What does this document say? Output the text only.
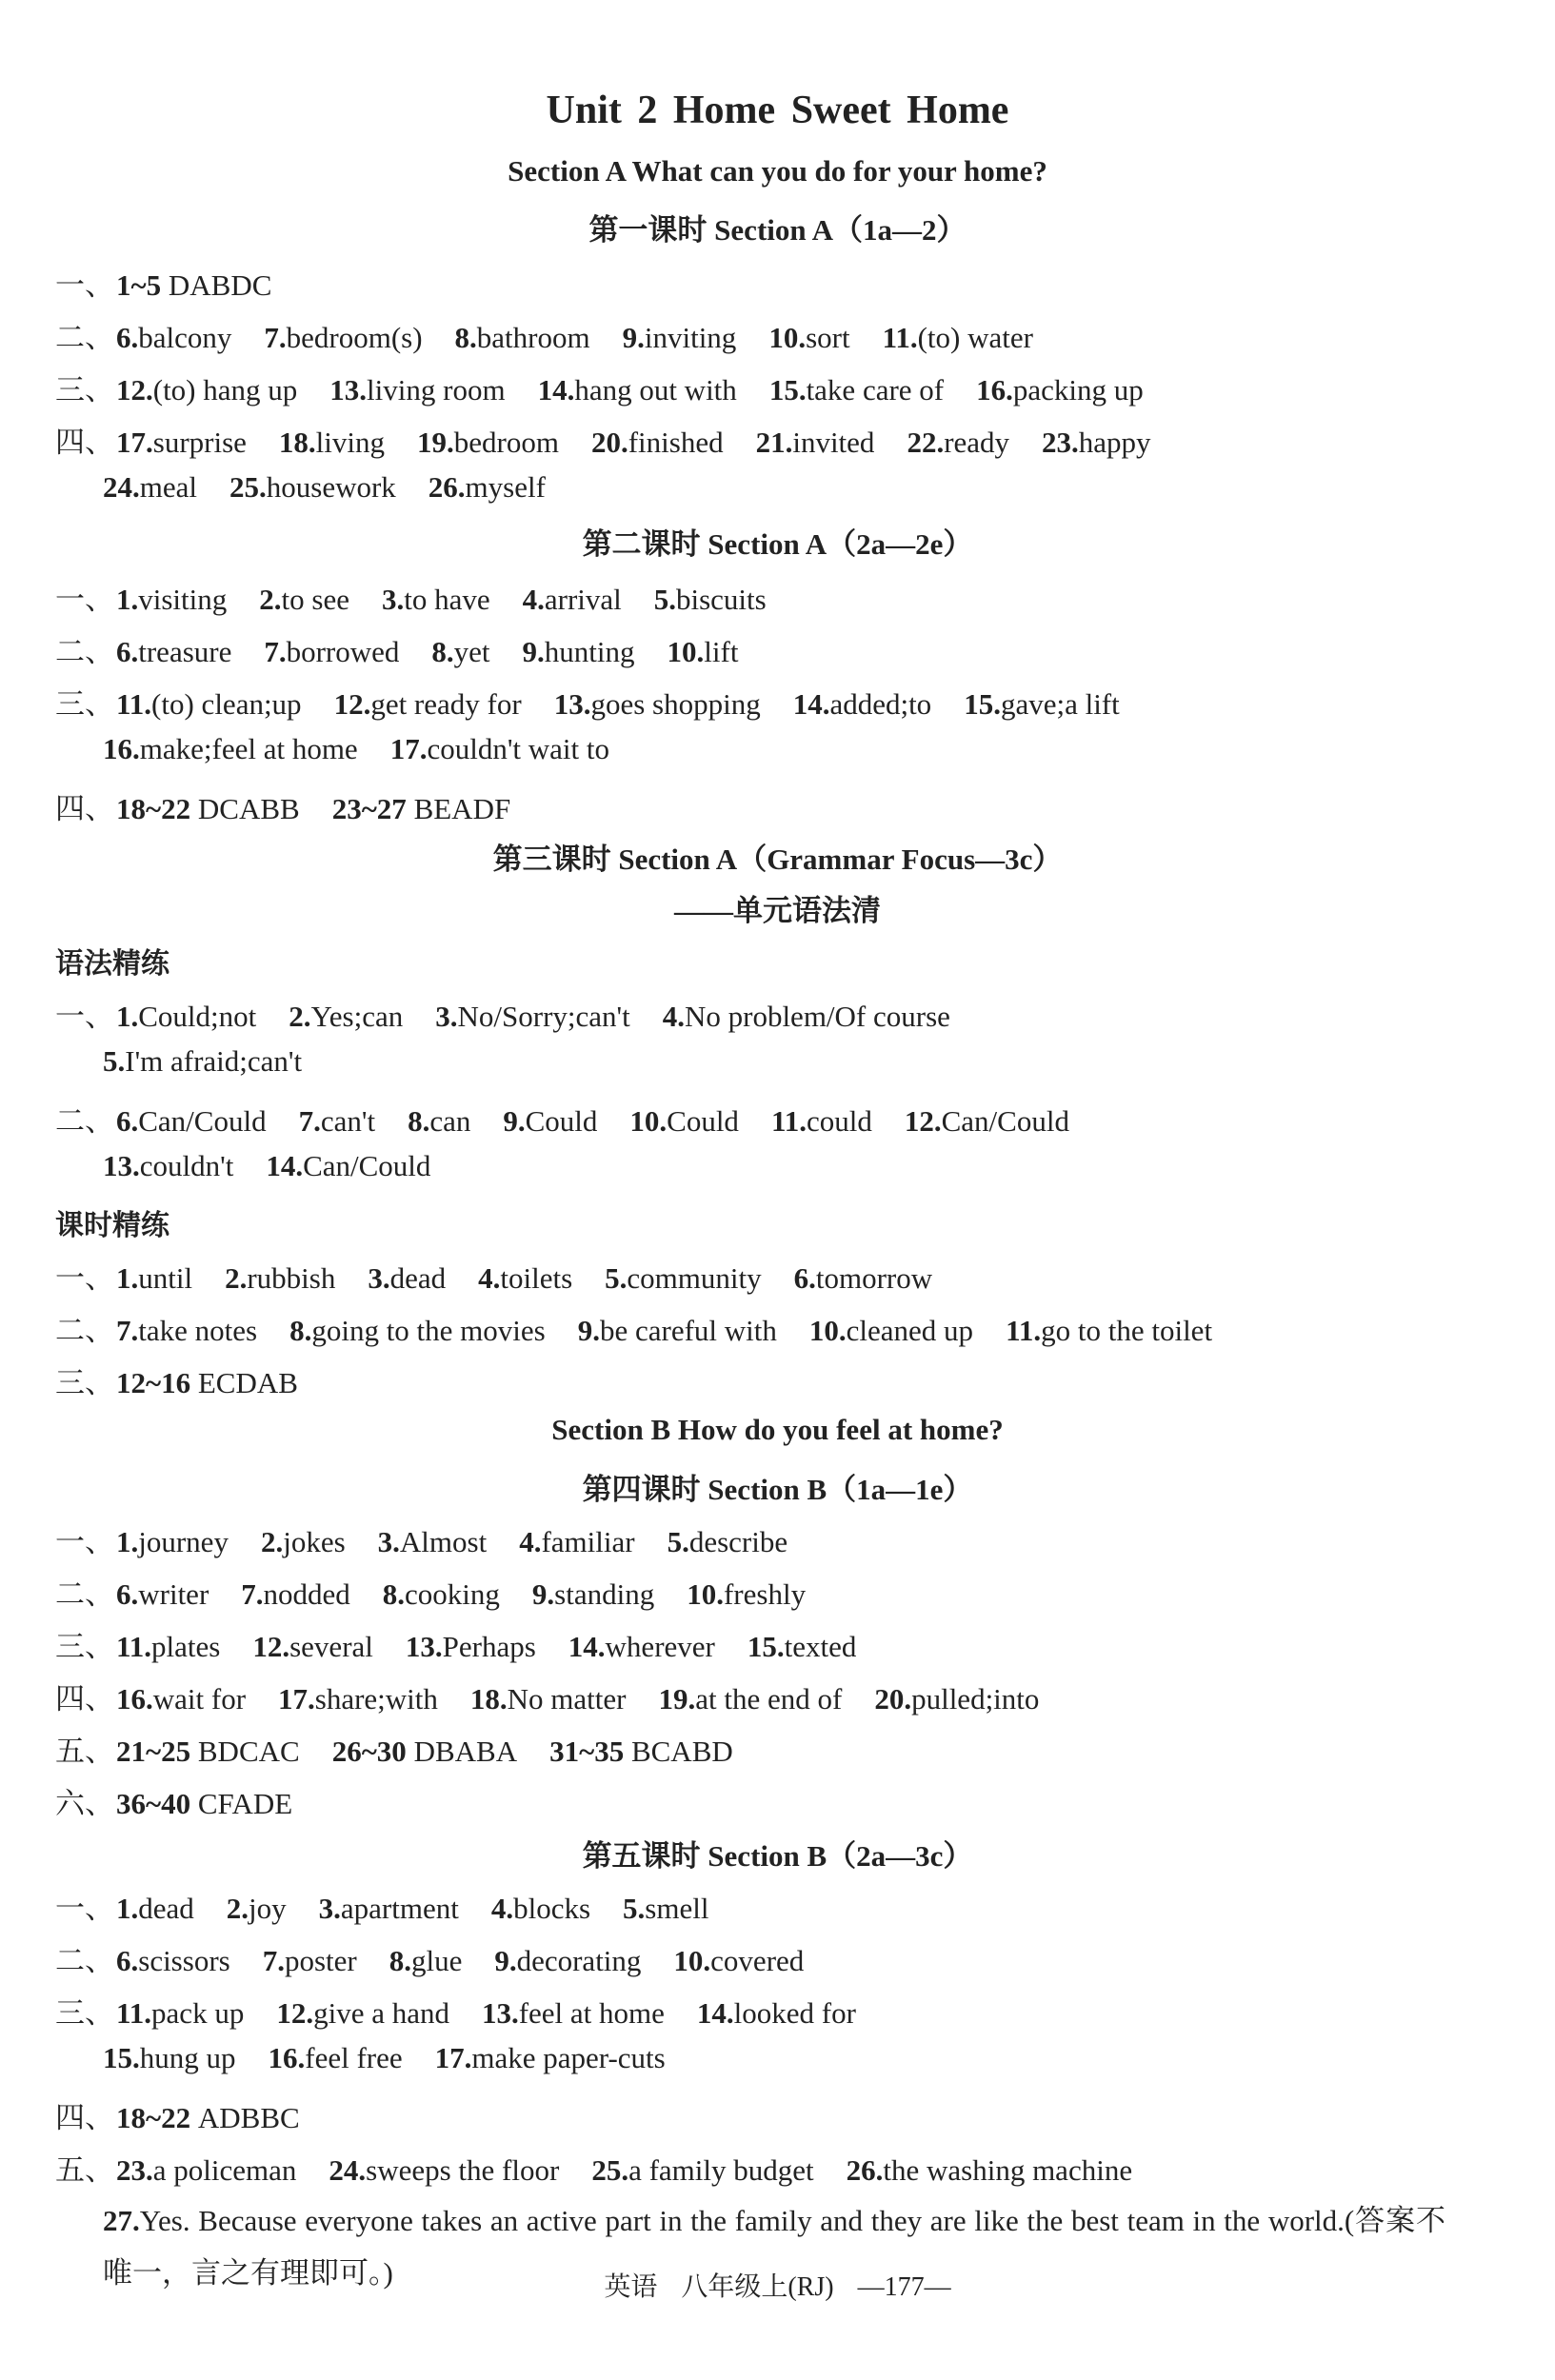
Unit 2 Home Sweet Home
Section A What can you do for your home?
第一课时 Section A（1a—2）
第二课时 Section A（2a—2e）
第三课时 Section A（Grammar Focus—3c）
——单元语法清
语法精练
课时精练
Section B How do you feel at home?
第四课时 Section B（1a—1e）
第五课时 Section B（2a—3c）
一、1~5 DABDC
二、6.balcony 7.bedroom(s) 8.bathroom 9.inviting 10.sort 11.(to) water
三、12.(to) hang up 13.living room 14.hang out with 15.take care of 16.packing up
四、17.surprise 18.living 19.bedroom 20.finished 21.invited 22.ready 23.happy
24.meal 25.housework 26.myself
一、1.visiting 2.to see 3.to have 4.arrival 5.biscuits
二、6.treasure 7.borrowed 8.yet 9.hunting 10.lift
三、11.(to) clean;up 12.get ready for 13.goes shopping 14.added;to 15.gave;a lift
16.make;feel at home 17.couldn't wait to
四、18~22 DCABB 23~27 BEADF
一、1.Could;not 2.Yes;can 3.No/Sorry;can't 4.No problem/Of course
5.I'm afraid;can't
二、6.Can/Could 7.can't 8.can 9.Could 10.Could 11.could 12.Can/Could
13.couldn't 14.Can/Could
一、1.until 2.rubbish 3.dead 4.toilets 5.community 6.tomorrow
二、7.take notes 8.going to the movies 9.be careful with 10.cleaned up 11.go to the toilet
三、12~16 ECDAB
一、1.journey 2.jokes 3.Almost 4.familiar 5.describe
二、6.writer 7.nodded 8.cooking 9.standing 10.freshly
三、11.plates 12.several 13.Perhaps 14.wherever 15.texted
四、16.wait for 17.share;with 18.No matter 19.at the end of 20.pulled;into
五、21~25 BDCAC 26~30 DBABA 31~35 BCABD
六、36~40 CFADE
一、1.dead 2.joy 3.apartment 4.blocks 5.smell
二、6.scissors 7.poster 8.glue 9.decorating 10.covered
三、11.pack up 12.give a hand 13.feel at home 14.looked for
15.hung up 16.feel free 17.make paper-cuts
四、18~22 ADBBC
五、23.a policeman 24.sweeps the floor 25.a family budget 26.the washing machine
27.Yes. Because everyone takes an active part in the family and they are like the best team in the world.(答案不唯一，言之有理即可。)	英语 八年级上(RJ) —177—
